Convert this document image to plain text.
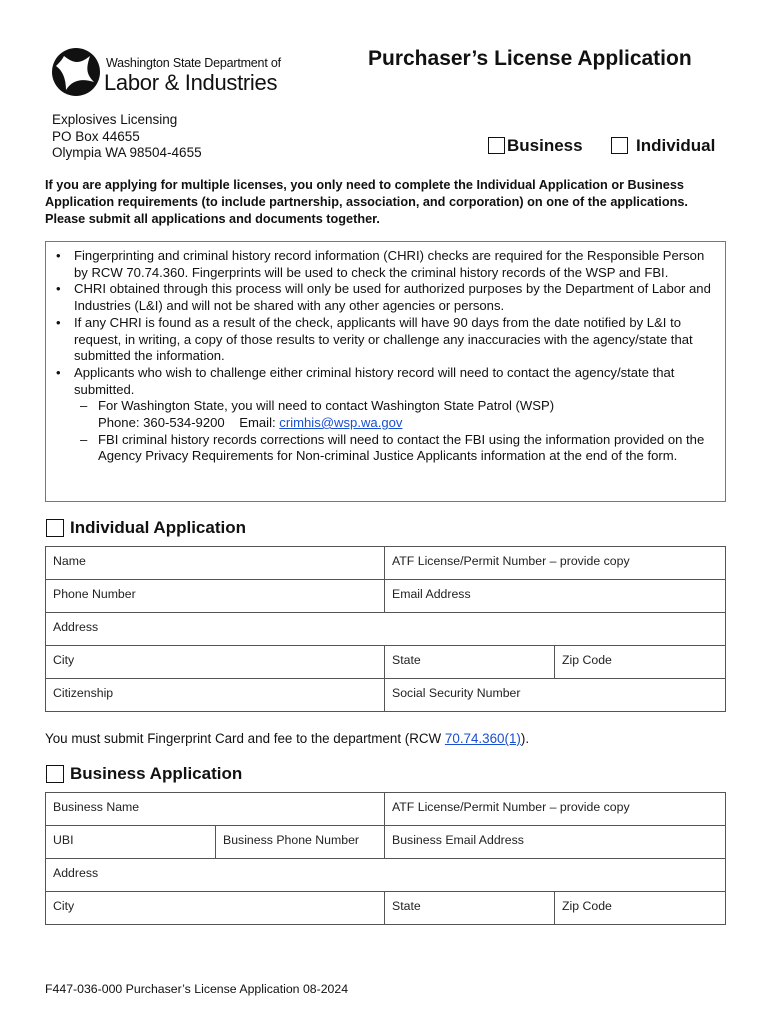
Washington State Department of
Labor & Industries
Purchaser’s License Application
Explosives Licensing
PO Box 44655
Olympia WA 98504-4655	Business	Individual
If you are applying for multiple licenses, you only need to complete the Individual Application or Business Application requirements (to include partnership, association, and corporation) on one of the applications. Please submit all applications and documents together.
• Fingerprinting and criminal history record information (CHRI) checks are required for the Responsible Person by RCW 70.74.360. Fingerprints will be used to check the criminal history records of the WSP and FBI.
• CHRI obtained through this process will only be used for authorized purposes by the Department of Labor and Industries (L&I) and will not be shared with any other agencies or persons.
• If any CHRI is found as a result of the check, applicants will have 90 days from the date notified by L&I to request, in writing, a copy of those results to verity or challenge any inaccuracies with the agency/state that submitted the information.
• Applicants who wish to challenge either criminal history record will need to contact the agency/state that submitted.
– For Washington State, you will need to contact Washington State Patrol (WSP)
Phone: 360-534-9200 Email: crimhis@wsp.wa.gov
– FBI criminal history records corrections will need to contact the FBI using the information provided on the Agency Privacy Requirements for Non-criminal Justice Applicants information at the end of the form.
Individual Application
Name	ATF License/Permit Number – provide copy	
Phone Number	Email Address	
Address		
City	State	Zip Code
Citizenship	Social Security Number	
You must submit Fingerprint Card and fee to the department (RCW 70.74.360(1)).
Business Application
Business Name		ATF License/Permit Number – provide copy	
UBI	Business Phone Number	Business Email Address	
Address			
City		State	Zip Code
F447-036-000 Purchaser’s License Application 08-2024
